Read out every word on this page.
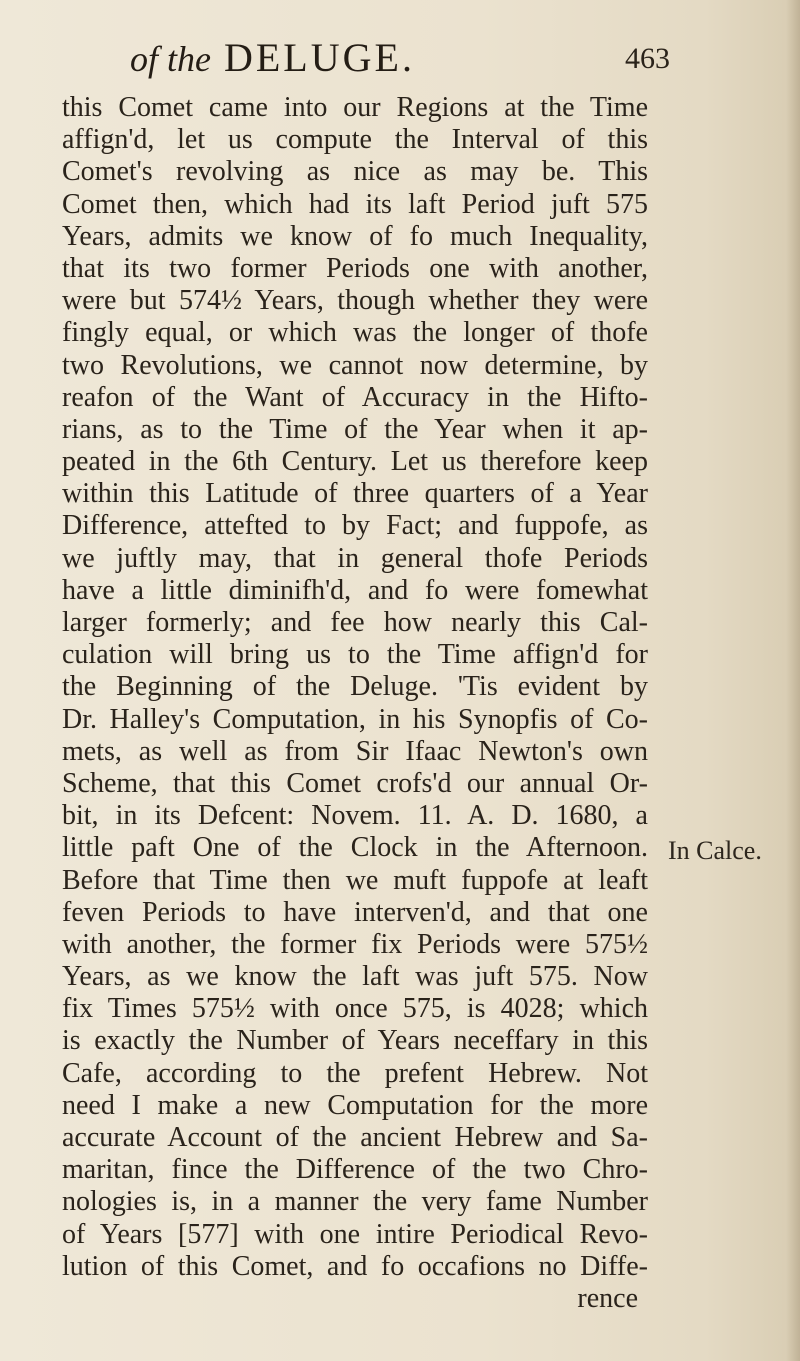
of the DELUGE.	463
this Comet came into our Regions at the Time
affign'd, let us compute the Interval of this
Comet's revolving as nice as may be. This
Comet then, which had its laft Period juft 575
Years, admits we know of fo much Inequality,
that its two former Periods one with another,
were but 574½ Years, though whether they were
fingly equal, or which was the longer of thofe
two Revolutions, we cannot now determine, by
reafon of the Want of Accuracy in the Hifto-
rians, as to the Time of the Year when it ap-
peated in the 6th Century. Let us therefore keep
within this Latitude of three quarters of a Year
Difference, attefted to by Fact; and fuppofe, as
we juftly may, that in general thofe Periods
have a little diminifh'd, and fo were fomewhat
larger formerly; and fee how nearly this Cal-
culation will bring us to the Time affign'd for
the Beginning of the Deluge. 'Tis evident by
Dr. Halley's Computation, in his Synopfis of Co-
mets, as well as from Sir Ifaac Newton's own
Scheme, that this Comet crofs'd our annual Or-
bit, in its Defcent: Novem. 11. A. D. 1680, a
little paft One of the Clock in the Afternoon.
Before that Time then we muft fuppofe at leaft
feven Periods to have interven'd, and that one
with another, the former fix Periods were 575½
Years, as we know the laft was juft 575. Now
fix Times 575½ with once 575, is 4028; which
is exactly the Number of Years neceffary in this
Cafe, according to the prefent Hebrew. Not
need I make a new Computation for the more
accurate Account of the ancient Hebrew and Sa-
maritan, fince the Difference of the two Chro-
nologies is, in a manner the very fame Number
of Years [577] with one intire Periodical Revo-
lution of this Comet, and fo occafions no Diffe-
rence
In Calce.
